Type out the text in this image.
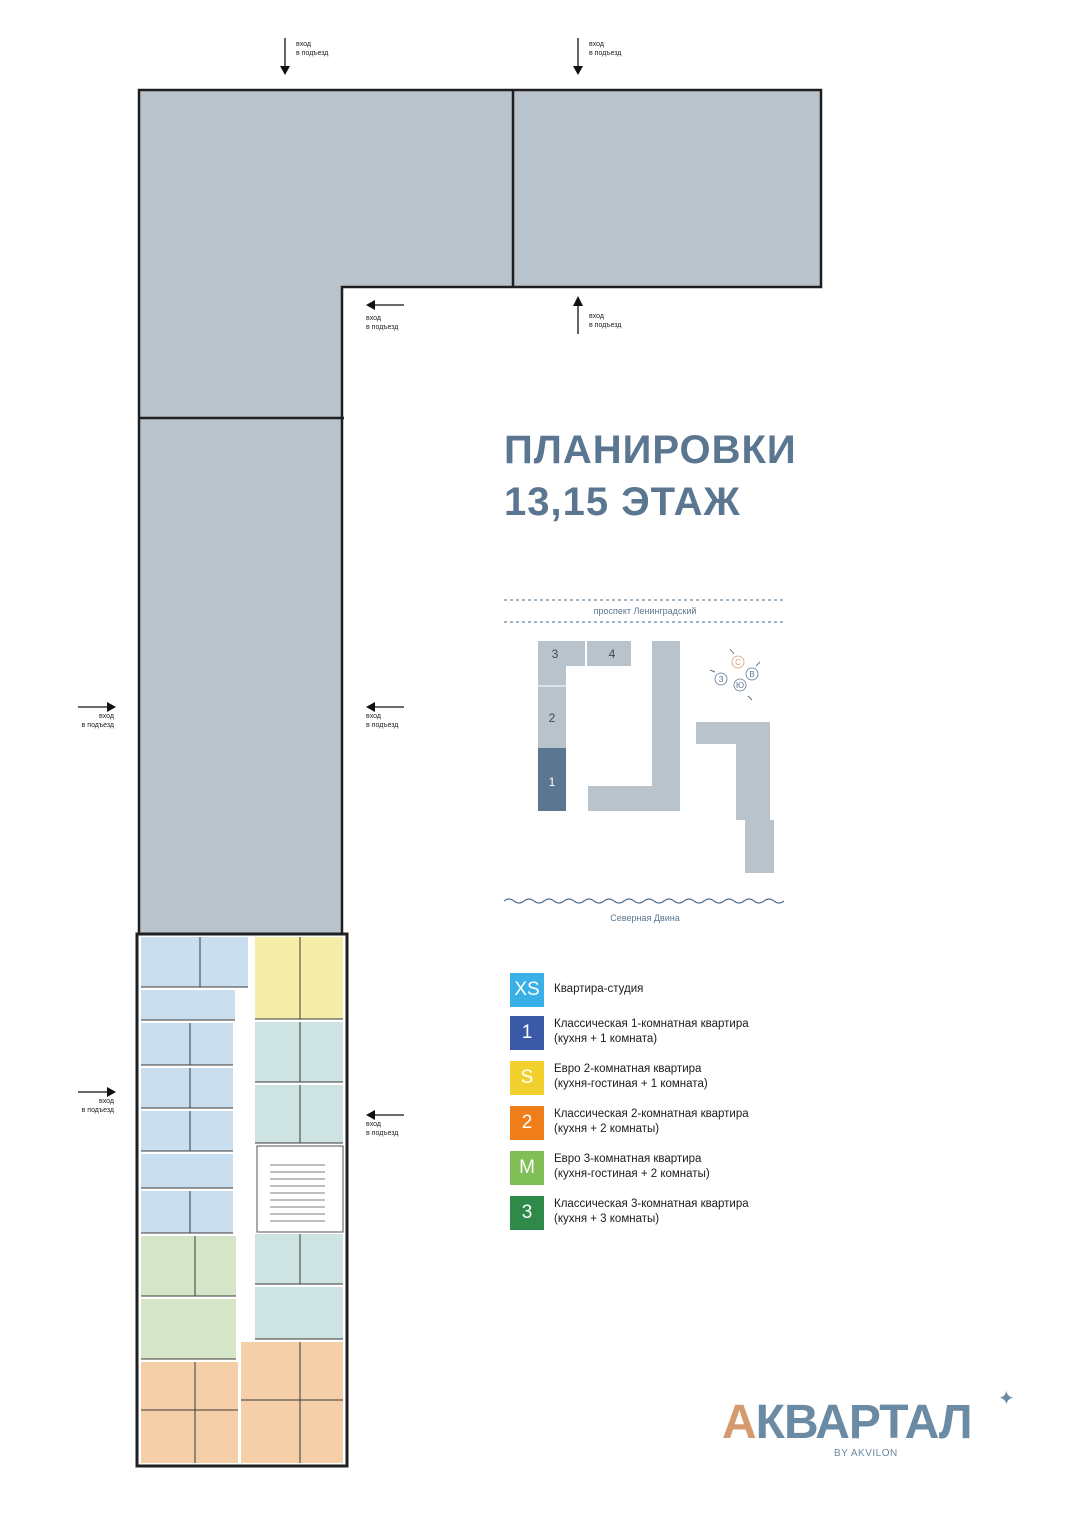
вход
в подъезд
вход
в подъезд
вход
в подъезд
вход
в подъезд
вход
в подъезд
вход
в подъезд
вход
в подъезд
вход
в подъезд
ПЛАНИРОВКИ
13,15 ЭТАЖ
проспект Ленинградский
3	4
2
1
С
В
Ю
З
Северная Двина
XS	Квартира-студия
1	Классическая 1-комнатная квартира
(кухня + 1 комната)
S	Евро 2-комнатная квартира
(кухня-гостиная + 1 комната)
2	Классическая 2-комнатная квартира
(кухня + 2 комнаты)
M	Евро 3-комнатная квартира
(кухня-гостиная + 2 комнаты)
3	Классическая 3-комнатная квартира
(кухня + 3 комнаты)
АКВАРТАЛ ✦
BY AKVILON
